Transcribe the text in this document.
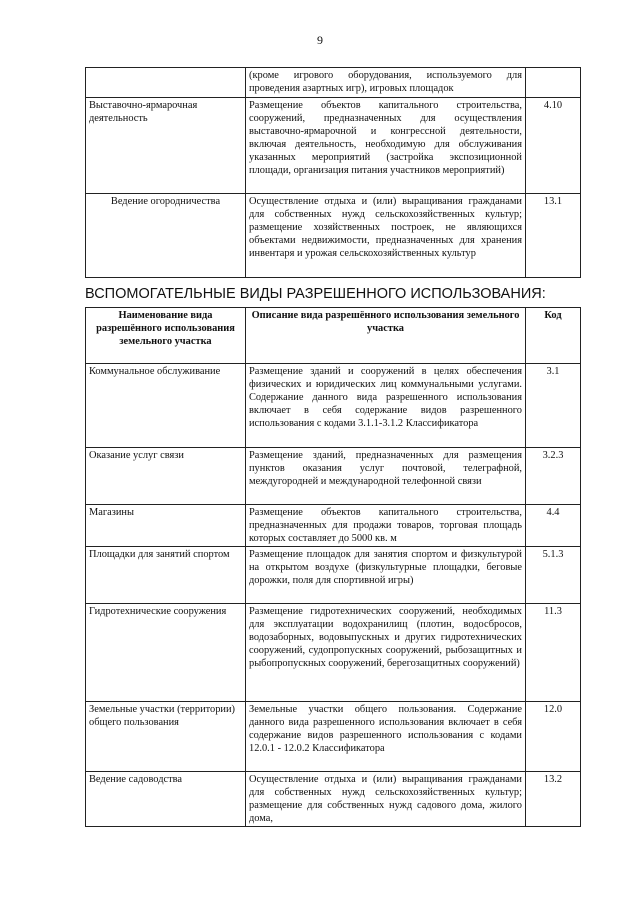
9
	(кроме игрового оборудования, используемого для проведения азартных игр), игровых площадок	
Выставочно-ярмарочная деятельность	Размещение объектов капитального строительства, сооружений, предназначенных для осуществления выставочно-ярмарочной и конгрессной деятельности, включая деятельность, необходимую для обслуживания указанных мероприятий (застройка экспозиционной площади, организация питания участников мероприятий)	4.10
Ведение огородничества	Осуществление отдыха и (или) выращивания гражданами для собственных нужд сельскохозяйственных культур; размещение хозяйственных построек, не являющихся объектами недвижимости, предназначенных для хранения инвентаря и урожая сельскохозяйственных культур	13.1
ВСПОМОГАТЕЛЬНЫЕ ВИДЫ РАЗРЕШЕННОГО ИСПОЛЬЗОВАНИЯ:
Наименование вида разрешённого использования земельного участка	Описание вида разрешённого использования земельного участка	Код
Коммунальное обслуживание	Размещение зданий и сооружений в целях обеспечения физических и юридических лиц коммунальными услугами. Содержание данного вида разрешенного использования включает в себя содержание видов разрешенного использования с кодами 3.1.1-3.1.2 Классификатора	3.1
Оказание услуг связи	Размещение зданий, предназначенных для размещения пунктов оказания услуг почтовой, телеграфной, междугородней и международной телефонной связи	3.2.3
Магазины	Размещение объектов капитального строительства, предназначенных для продажи товаров, торговая площадь которых составляет до 5000 кв. м	4.4
Площадки для занятий спортом	Размещение площадок для занятия спортом и физкультурой на открытом воздухе (физкультурные площадки, беговые дорожки, поля для спортивной игры)	5.1.3
Гидротехнические сооружения	Размещение гидротехнических сооружений, необходимых для эксплуатации водохранилищ (плотин, водосбросов, водозаборных, водовыпускных и других гидротехнических сооружений, судопропускных сооружений, рыбозащитных и рыбопропускных сооружений, берегозащитных сооружений)	11.3
Земельные участки (территории) общего пользования	Земельные участки общего пользования. Содержание данного вида разрешенного использования включает в себя содержание видов разрешенного использования с кодами 12.0.1 - 12.0.2 Классификатора	12.0
Ведение садоводства	Осуществление отдыха и (или) выращивания гражданами для собственных нужд сельскохозяйственных культур; размещение для собственных нужд садового дома, жилого дома,	13.2
